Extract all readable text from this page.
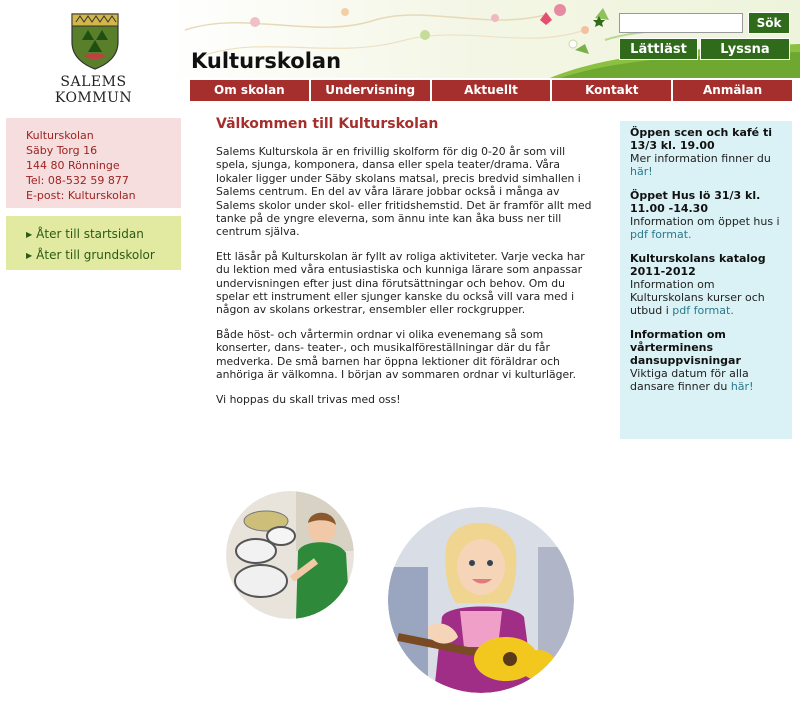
SALEMS
KOMMUN
Kulturskolan
Sök
Lättläst	Lyssna
Om skolan	Undervisning	Aktuellt	Kontakt	Anmälan
Kulturskolan
Säby Torg 16
144 80 Rönninge
Tel: 08-532 59 877
E-post: Kulturskolan
▶ Åter till startsidan
▶ Åter till grundskolor
Välkommen till Kulturskolan

Salems Kulturskola är en frivillig skolform för dig 0-20 år som vill spela, sjunga, komponera, dansa eller spela teater/drama. Våra lokaler ligger under Säby skolans matsal, precis bredvid simhallen i Salems centrum. En del av våra lärare jobbar också i många av Salems skolor under skol- eller fritidshemstid. Det är framför allt med tanke på de yngre eleverna, som ännu inte kan åka buss ner till centrum själva.

Ett läsår på Kulturskolan är fyllt av roliga aktiviteter. Varje vecka har du lektion med våra entusiastiska och kunniga lärare som anpassar undervisningen efter just dina förutsättningar och behov. Om du spelar ett instrument eller sjunger kanske du också vill vara med i någon av skolans orkestrar, ensembler eller rockgrupper.

Både höst- och vårtermin ordnar vi olika evenemang så som konserter, dans- teater-, och musikalföreställningar där du får medverka. De små barnen har öppna lektioner dit föräldrar och anhöriga är välkomna. I början av sommaren ordnar vi kulturläger.

Vi hoppas du skall trivas med oss!

Öppen scen och kafé ti 13/3 kl. 19.00
Mer information finner du här!
Öppet Hus lö 31/3 kl. 11.00 -14.30
Information om öppet hus i pdf format.
Kulturskolans katalog 2011-2012
Information om Kulturskolans kurser och utbud i pdf format.
Information om vårterminens dansuppvisningar
Viktiga datum för alla dansare finner du här!
